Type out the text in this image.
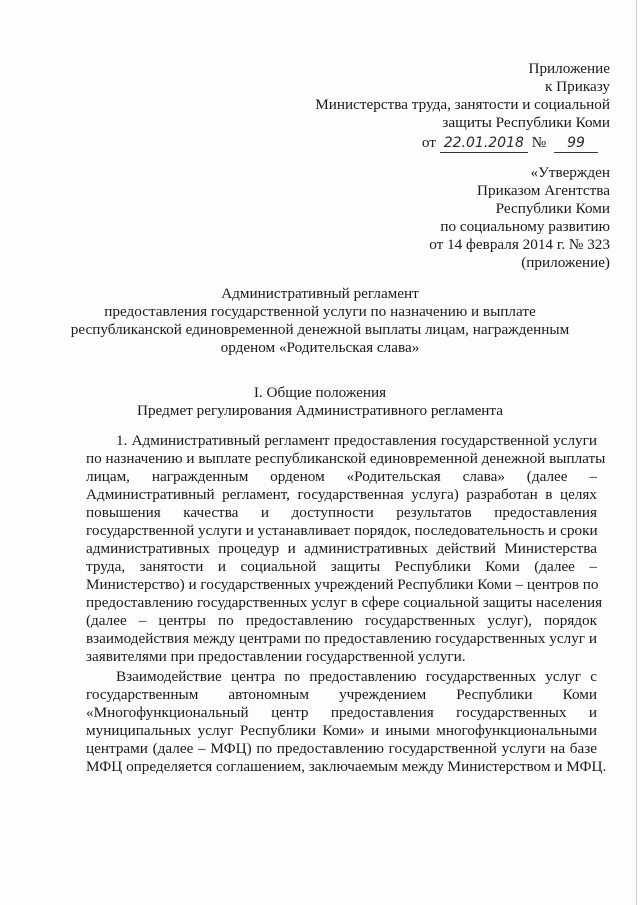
Приложение
к Приказу
Министерства труда, занятости и социальной
защиты Республики Коми
от 22.01.2018 № 99
«Утвержден
Приказом Агентства
Республики Коми
по социальному развитию
от 14 февраля 2014 г. № 323
(приложение)
Административный регламент
предоставления государственной услуги по назначению и выплате
республиканской единовременной денежной выплаты лицам, награжденным
орденом «Родительская слава»
I. Общие положения
Предмет регулирования Административного регламента
1. Административный регламент предоставления государственной услуги
по назначению и выплате республиканской единовременной денежной выплаты
лицам, награжденным орденом «Родительская слава» (далее –
Административный регламент, государственная услуга) разработан в целях
повышения качества и доступности результатов предоставления
государственной услуги и устанавливает порядок, последовательность и сроки
административных процедур и административных действий Министерства
труда, занятости и социальной защиты Республики Коми (далее –
Министерство) и государственных учреждений Республики Коми – центров по
предоставлению государственных услуг в сфере социальной защиты населения
(далее – центры по предоставлению государственных услуг), порядок
взаимодействия между центрами по предоставлению государственных услуг и
заявителями при предоставлении государственной услуги.
Взаимодействие центра по предоставлению государственных услуг с
государственным автономным учреждением Республики Коми
«Многофункциональный центр предоставления государственных и
муниципальных услуг Республики Коми» и иными многофункциональными
центрами (далее – МФЦ) по предоставлению государственной услуги на базе
МФЦ определяется соглашением, заключаемым между Министерством и МФЦ.
